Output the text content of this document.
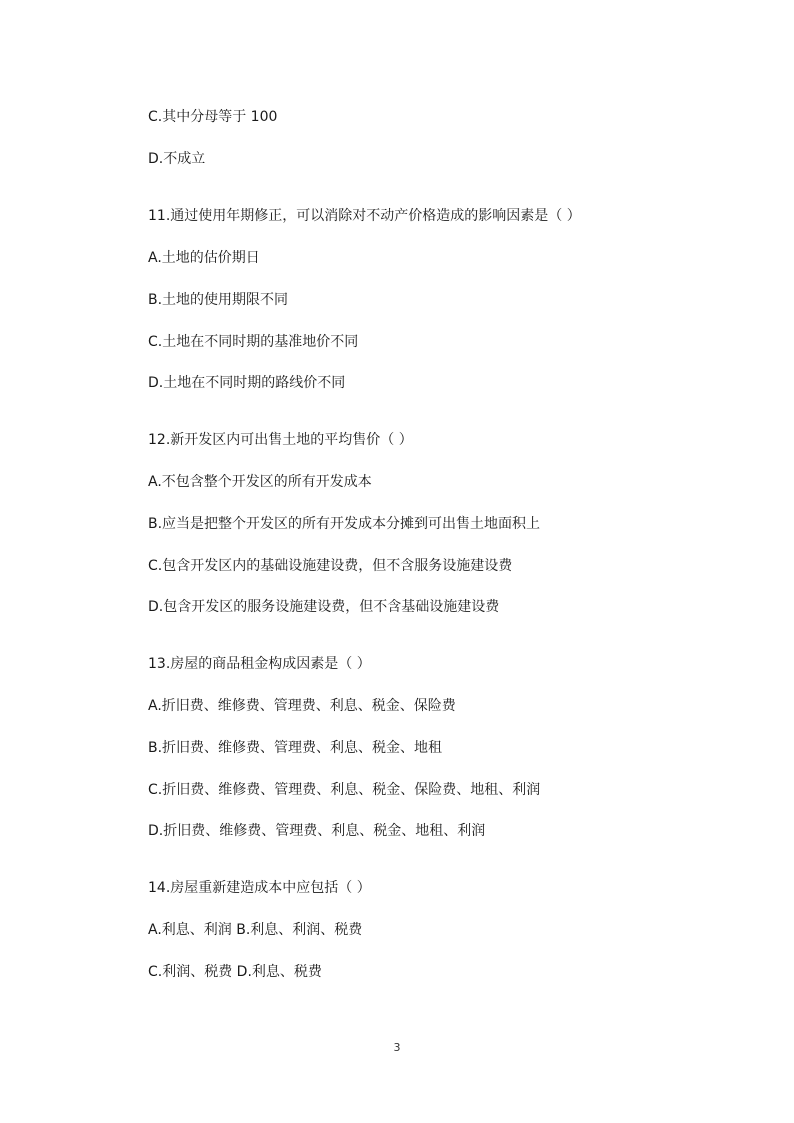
C.其中分母等于 100
D.不成立
11.通过使用年期修正，可以消除对不动产价格造成的影响因素是（ ）
A.土地的估价期日
B.土地的使用期限不同
C.土地在不同时期的基准地价不同
D.土地在不同时期的路线价不同
12.新开发区内可出售土地的平均售价（ ）
A.不包含整个开发区的所有开发成本
B.应当是把整个开发区的所有开发成本分摊到可出售土地面积上
C.包含开发区内的基础设施建设费，但不含服务设施建设费
D.包含开发区的服务设施建设费，但不含基础设施建设费
13.房屋的商品租金构成因素是（ ）
A.折旧费、维修费、管理费、利息、税金、保险费
B.折旧费、维修费、管理费、利息、税金、地租
C.折旧费、维修费、管理费、利息、税金、保险费、地租、利润
D.折旧费、维修费、管理费、利息、税金、地租、利润
14.房屋重新建造成本中应包括（ ）
A.利息、利润 B.利息、利润、税费
C.利润、税费 D.利息、税费
3
